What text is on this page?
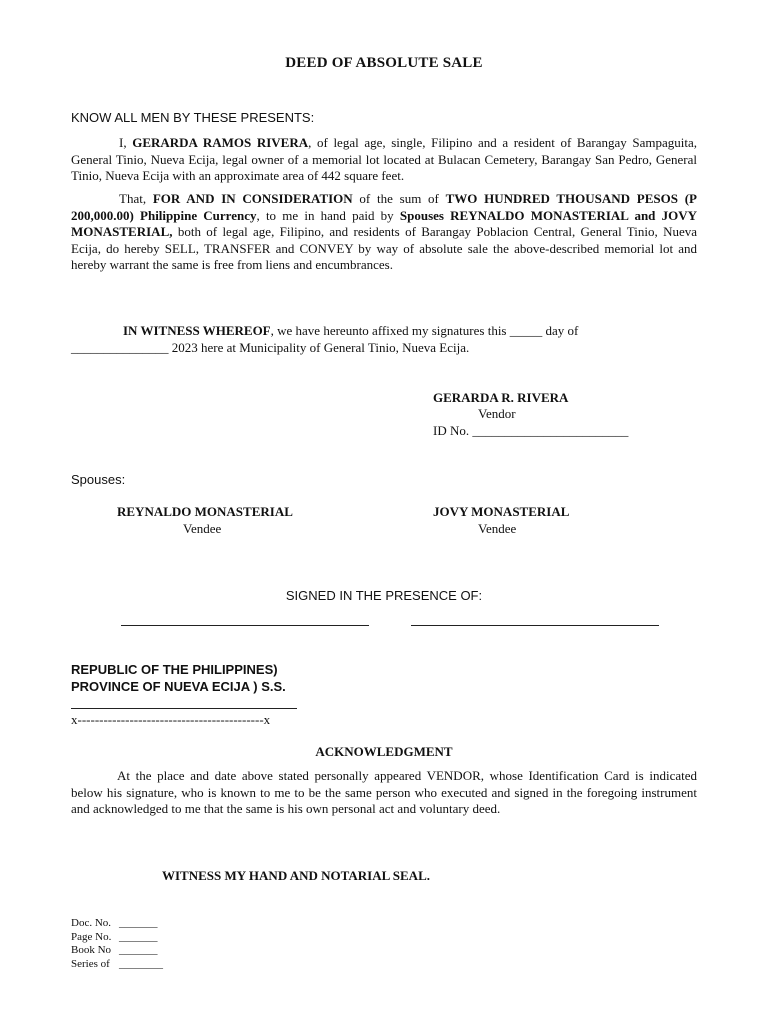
DEED OF ABSOLUTE SALE
KNOW ALL MEN BY THESE PRESENTS:
I, GERARDA RAMOS RIVERA, of legal age, single, Filipino and a resident of Barangay Sampaguita, General Tinio, Nueva Ecija, legal owner of a memorial lot located at Bulacan Cemetery, Barangay San Pedro, General Tinio, Nueva Ecija with an approximate area of 442 square feet.
That, FOR AND IN CONSIDERATION of the sum of TWO HUNDRED THOUSAND PESOS (P 200,000.00) Philippine Currency, to me in hand paid by Spouses REYNALDO MONASTERIAL and JOVY MONASTERIAL, both of legal age, Filipino, and residents of Barangay Poblacion Central, General Tinio, Nueva Ecija, do hereby SELL, TRANSFER and CONVEY by way of absolute sale the above-described memorial lot and hereby warrant the same is free from liens and encumbrances.
IN WITNESS WHEREOF, we have hereunto affixed my signatures this _____ day of
_______________ 2023 here at Municipality of General Tinio, Nueva Ecija.
GERARDA R. RIVERA
Vendor
ID No. ________________________
Spouses:
REYNALDO MONASTERIAL
Vendee
JOVY MONASTERIAL
Vendee
SIGNED IN THE PRESENCE OF:
REPUBLIC OF THE PHILIPPINES)
PROVINCE OF NUEVA ECIJA ) S.S.
x-------------------------------------------x
ACKNOWLEDGMENT
At the place and date above stated personally appeared VENDOR, whose Identification Card is indicated below his signature, who is known to me to be the same person who executed and signed in the foregoing instrument and acknowledged to me that the same is his own personal act and voluntary deed.
WITNESS MY HAND AND NOTARIAL SEAL.
Doc. No. _______
Page No. _______
Book No _______
Series of ________
